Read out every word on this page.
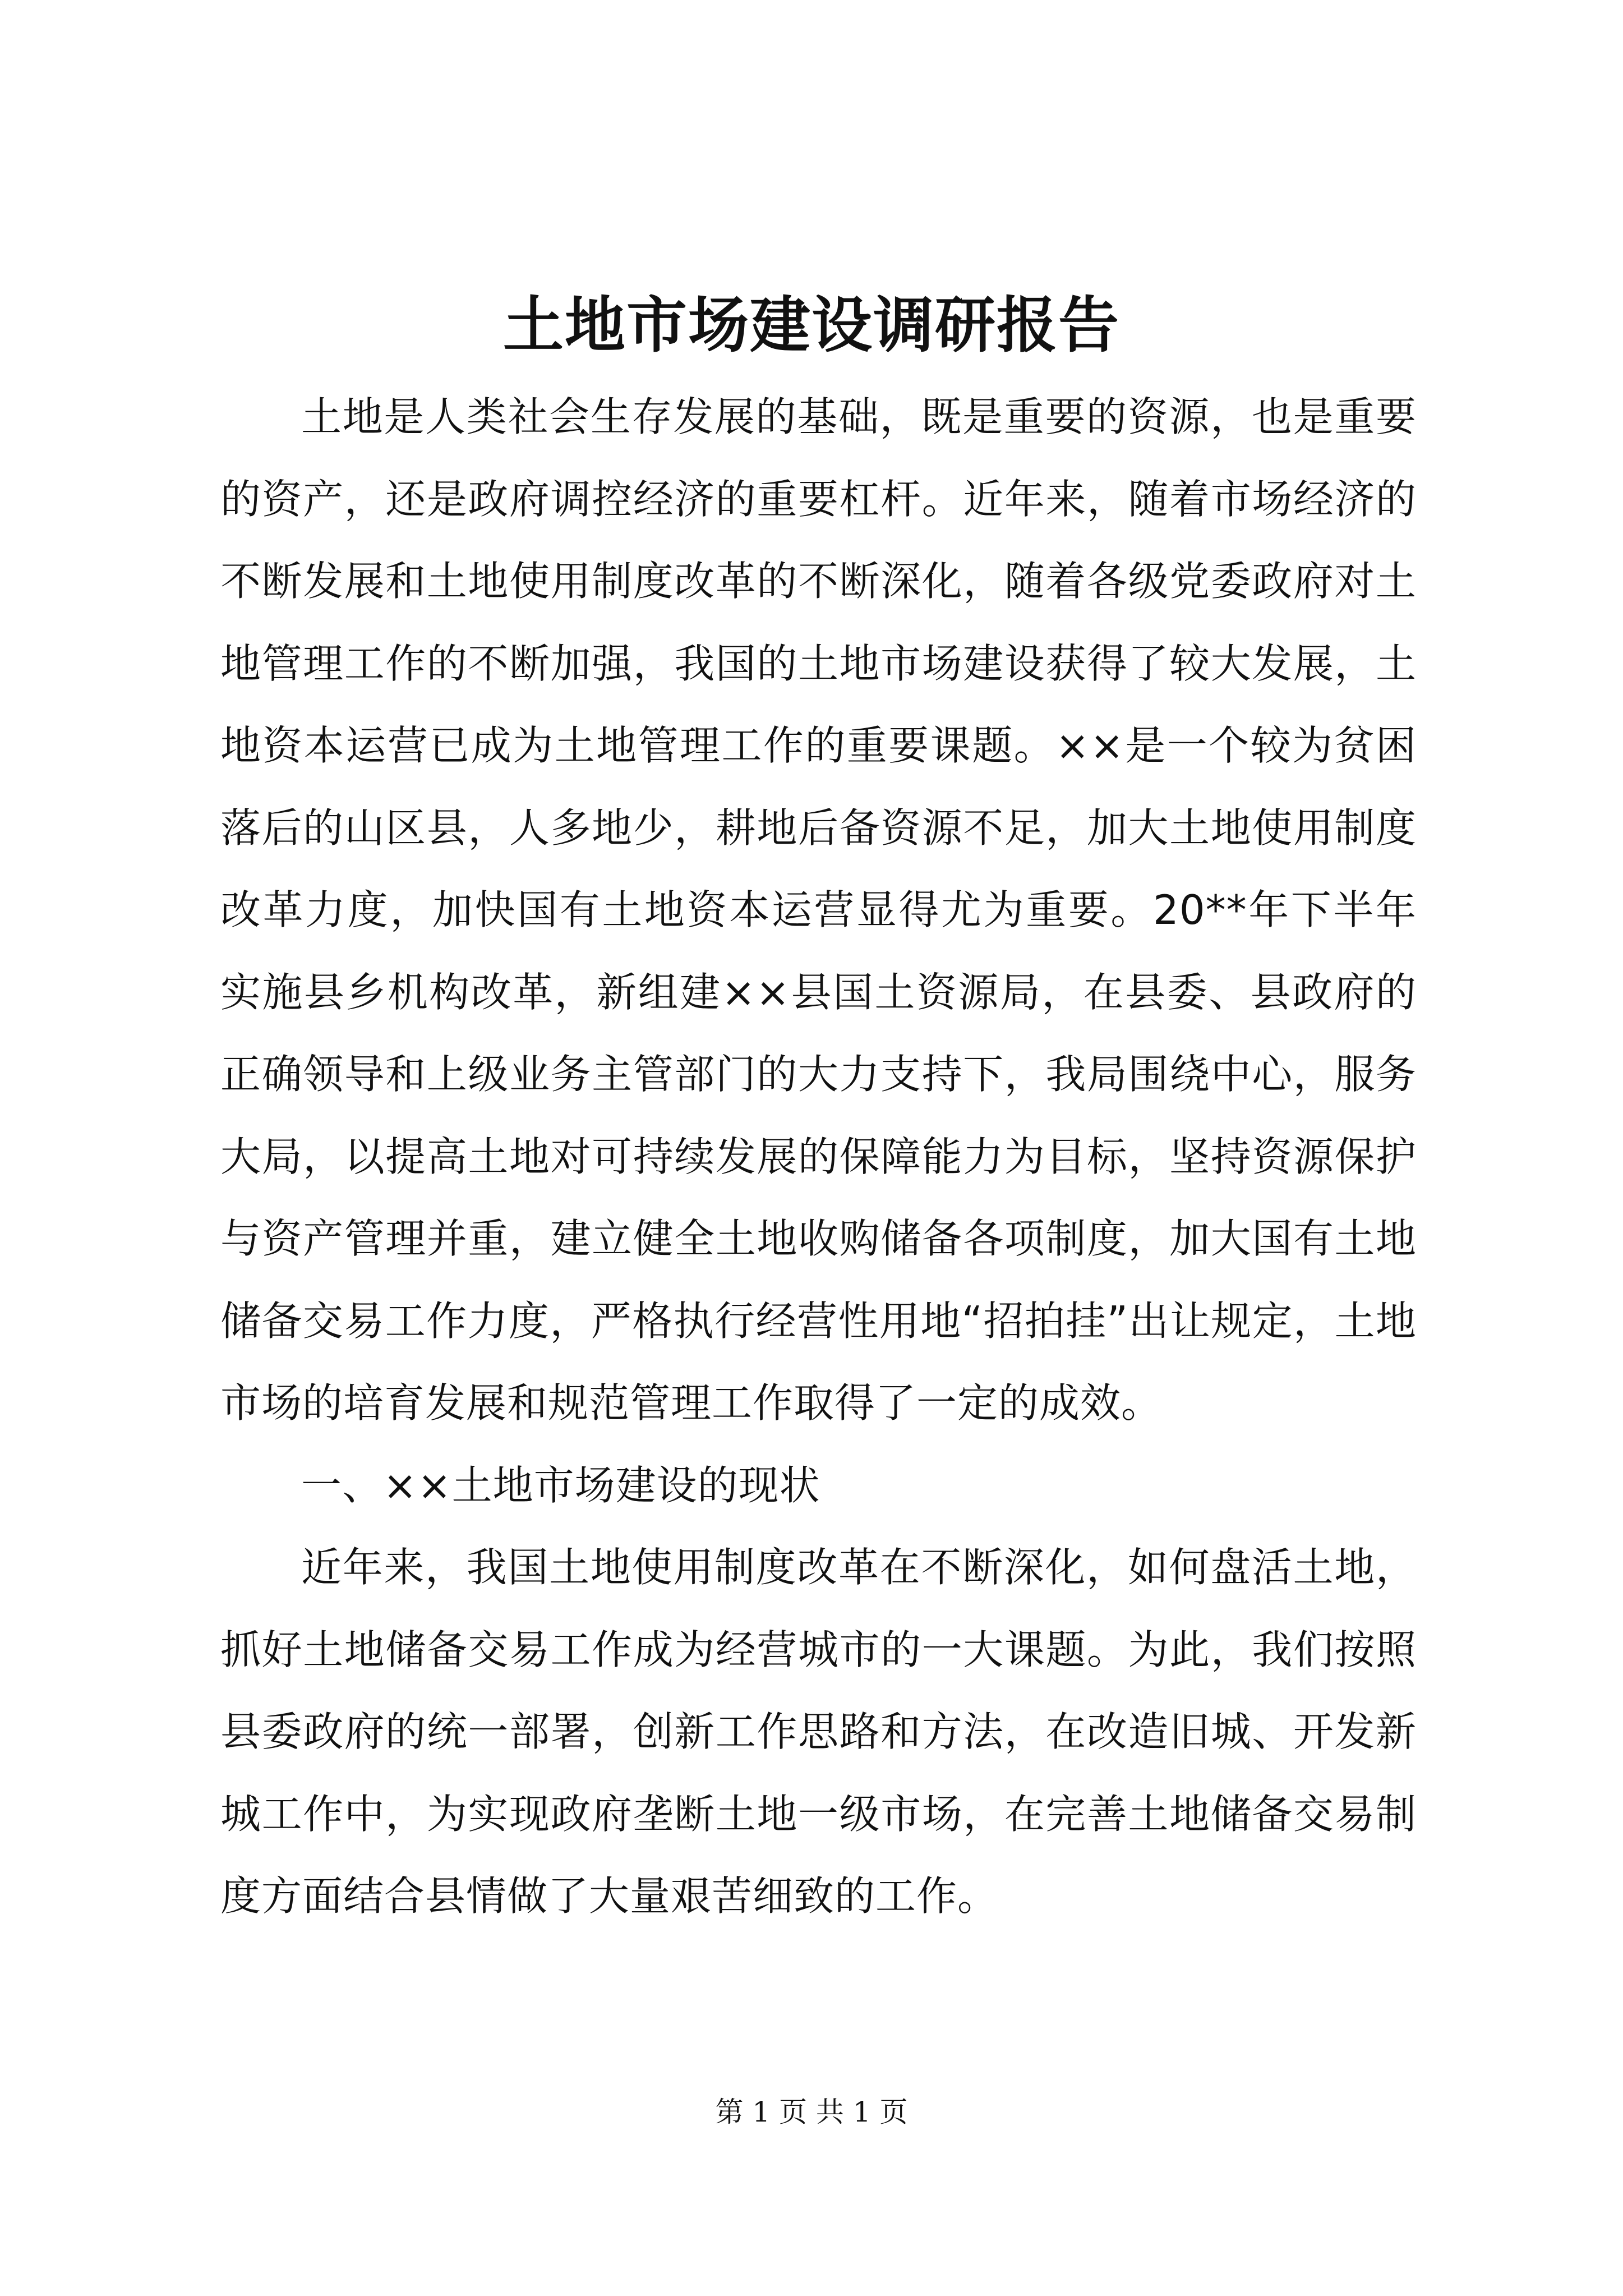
土地市场建设调研报告

土地是人类社会生存发展的基础，既是重要的资源，也是重要的资产，还是政府调控经济的重要杠杆。近年来，随着市场经济的不断发展和土地使用制度改革的不断深化，随着各级党委政府对土地管理工作的不断加强，我国的土地市场建设获得了较大发展，土地资本运营已成为土地管理工作的重要课题。××是一个较为贫困落后的山区县，人多地少，耕地后备资源不足，加大土地使用制度改革力度，加快国有土地资本运营显得尤为重要。20**年下半年实施县乡机构改革，新组建××县国土资源局，在县委、县政府的正确领导和上级业务主管部门的大力支持下，我局围绕中心，服务大局，以提高土地对可持续发展的保障能力为目标，坚持资源保护与资产管理并重，建立健全土地收购储备各项制度，加大国有土地储备交易工作力度，严格执行经营性用地“招拍挂”出让规定，土地市场的培育发展和规范管理工作取得了一定的成效。

一、××土地市场建设的现状

近年来，我国土地使用制度改革在不断深化，如何盘活土地，抓好土地储备交易工作成为经营城市的一大课题。为此，我们按照县委政府的统一部署，创新工作思路和方法，在改造旧城、开发新城工作中，为实现政府垄断土地一级市场，在完善土地储备交易制度方面结合县情做了大量艰苦细致的工作。

第 1 页 共 1 页
